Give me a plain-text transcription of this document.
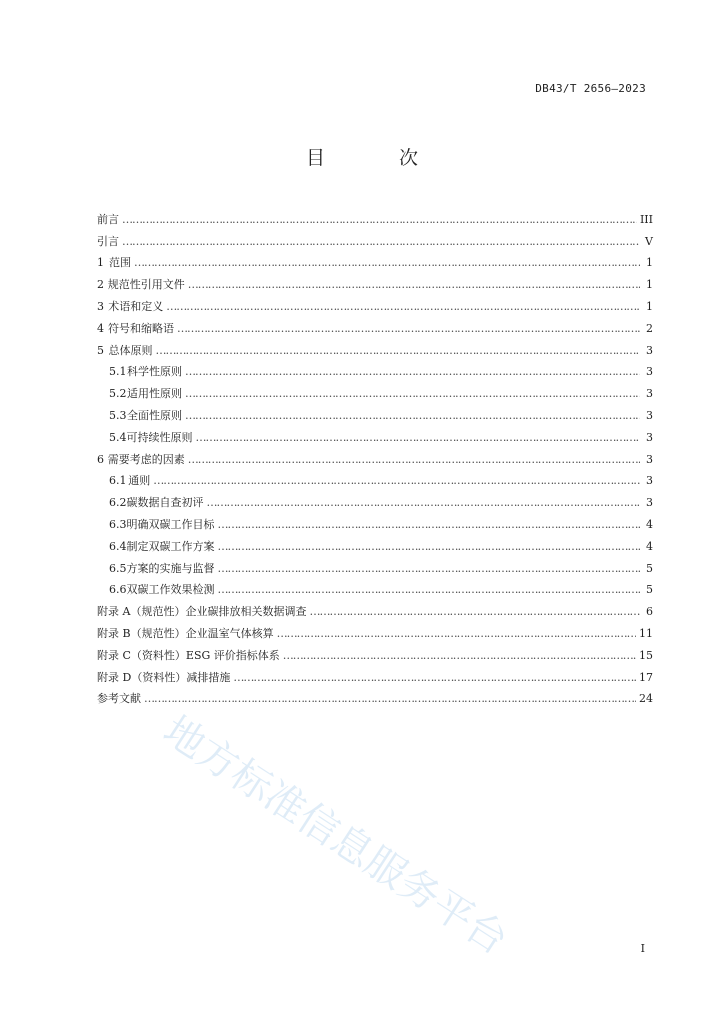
DB43/T 2656—2023
目 次
前言 …………………………………………………………………………………………………………………………………………………………………………………………………………	III
引言 …………………………………………………………………………………………………………………………………………………………………………………………………………	V
1 范围 …………………………………………………………………………………………………………………………………………………………………………………………………………	1
2 规范性引用文件 …………………………………………………………………………………………………………………………………………………………………………………………………………	1
3 术语和定义 …………………………………………………………………………………………………………………………………………………………………………………………………………	1
4 符号和缩略语 …………………………………………………………………………………………………………………………………………………………………………………………………………	2
5 总体原则 …………………………………………………………………………………………………………………………………………………………………………………………………………	3
5.1 科学性原则 …………………………………………………………………………………………………………………………………………………………………………………………………………	3
5.2 适用性原则 …………………………………………………………………………………………………………………………………………………………………………………………………………	3
5.3 全面性原则 …………………………………………………………………………………………………………………………………………………………………………………………………………	3
5.4 可持续性原则 …………………………………………………………………………………………………………………………………………………………………………………………………………	3
6 需要考虑的因素 …………………………………………………………………………………………………………………………………………………………………………………………………………	3
6.1 通则 …………………………………………………………………………………………………………………………………………………………………………………………………………	3
6.2 碳数据自查初评 …………………………………………………………………………………………………………………………………………………………………………………………………………	3
6.3 明确双碳工作目标 …………………………………………………………………………………………………………………………………………………………………………………………………………	4
6.4 制定双碳工作方案 …………………………………………………………………………………………………………………………………………………………………………………………………………	4
6.5 方案的实施与监督 …………………………………………………………………………………………………………………………………………………………………………………………………………	5
6.6 双碳工作效果检测 …………………………………………………………………………………………………………………………………………………………………………………………………………	5
附录 A（规范性） 企业碳排放相关数据调查 …………………………………………………………………………………………………………………………………………………………………………………………………………	6
附录 B（规范性） 企业温室气体核算 …………………………………………………………………………………………………………………………………………………………………………………………………………	11
附录 C（资料性） ESG 评价指标体系 …………………………………………………………………………………………………………………………………………………………………………………………………………	15
附录 D（资料性） 减排措施 …………………………………………………………………………………………………………………………………………………………………………………………………………	17
参考文献 …………………………………………………………………………………………………………………………………………………………………………………………………………	24
地方标准信息服务平台	I
